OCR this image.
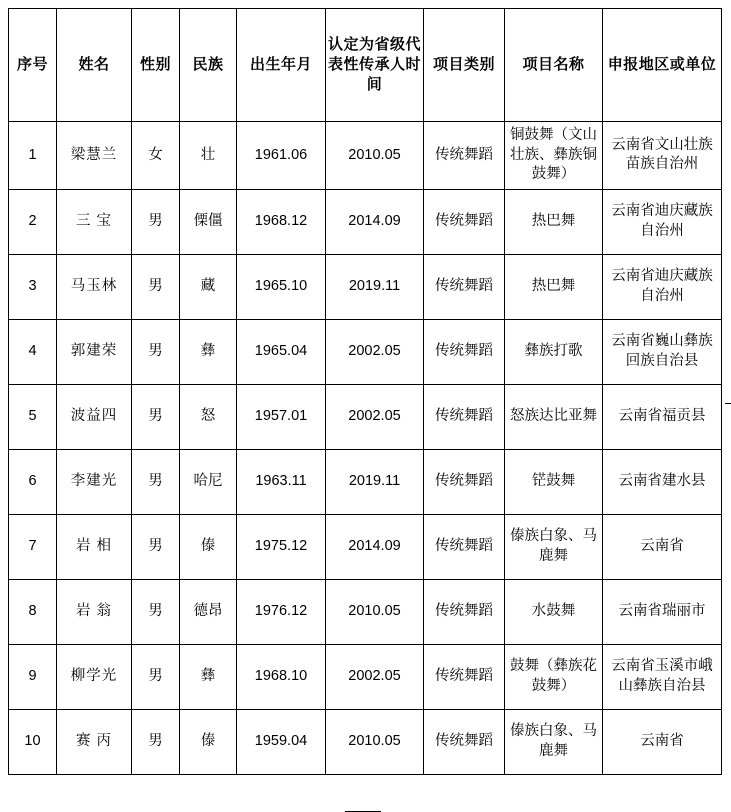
序号	姓名	性别	民族	出生年月	认定为省级代表性传承人时间	项目类别	项目名称	申报地区或单位
1	梁慧兰	女	壮	1961.06	2010.05	传统舞蹈	铜鼓舞（文山壮族、彝族铜鼓舞）	云南省文山壮族苗族自治州
2	三 宝	男	傈僵	1968.12	2014.09	传统舞蹈	热巴舞	云南省迪庆藏族自治州
3	马玉林	男	藏	1965.10	2019.11	传统舞蹈	热巴舞	云南省迪庆藏族自治州
4	郭建荣	男	彝	1965.04	2002.05	传统舞蹈	彝族打歌	云南省巍山彝族回族自治县
5	波益四	男	怒	1957.01	2002.05	传统舞蹈	怒族达比亚舞	云南省福贡县
6	李建光	男	哈尼	1963.11	2019.11	传统舞蹈	铓鼓舞	云南省建水县
7	岩 相	男	傣	1975.12	2014.09	传统舞蹈	傣族白象、马鹿舞	云南省
8	岩 翁	男	德昂	1976.12	2010.05	传统舞蹈	水鼓舞	云南省瑞丽市
9	柳学光	男	彝	1968.10	2002.05	传统舞蹈	鼓舞（彝族花鼓舞）	云南省玉溪市峨山彝族自治县
10	赛 丙	男	傣	1959.04	2010.05	传统舞蹈	傣族白象、马鹿舞	云南省
